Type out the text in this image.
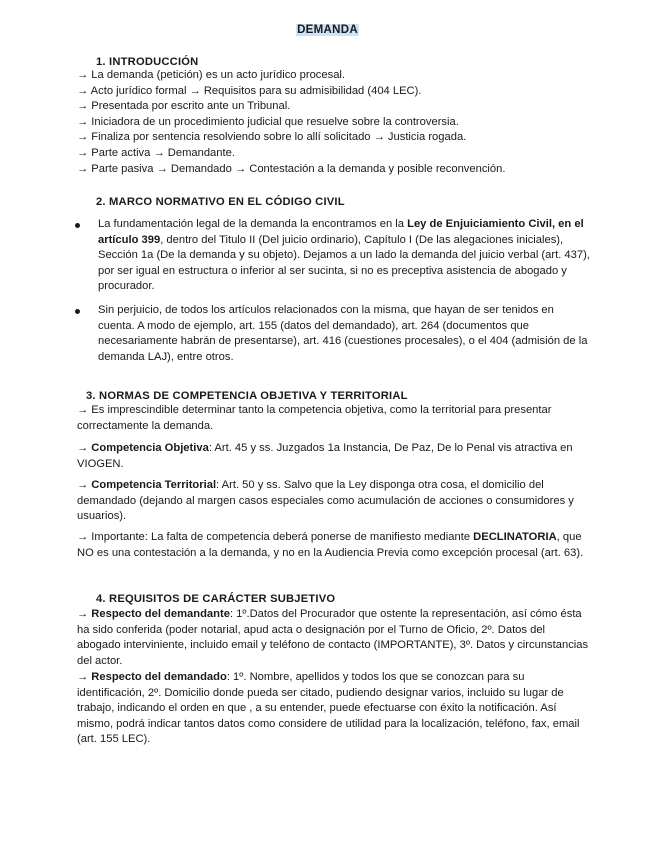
DEMANDA
1. INTRODUCCIÓN
→ La demanda (petición) es un acto jurídico procesal.
→ Acto jurídico formal → Requisitos para su admisibilidad (404 LEC).
→ Presentada por escrito ante un Tribunal.
→ Iniciadora de un procedimiento judicial que resuelve sobre la controversia.
→ Finaliza por sentencia resolviendo sobre lo allí solicitado → Justicia rogada.
→ Parte activa → Demandante.
→ Parte pasiva → Demandado → Contestación a la demanda y posible reconvención.
2. MARCO NORMATIVO EN EL CÓDIGO CIVIL
La fundamentación legal de la demanda la encontramos en la Ley de Enjuiciamiento Civil, en el artículo 399, dentro del Titulo II (Del juicio ordinario), Capítulo I (De las alegaciones iniciales), Sección 1a (De la demanda y su objeto). Dejamos a un lado la demanda del juicio verbal (art. 437), por ser igual en estructura o inferior al ser sucinta, si no es preceptiva asistencia de abogado y procurador.
Sin perjuicio, de todos los artículos relacionados con la misma, que hayan de ser tenidos en cuenta. A modo de ejemplo, art. 155 (datos del demandado), art. 264 (documentos que necesariamente habrán de presentarse), art. 416 (cuestiones procesales), o el 404 (admisión de la demanda LAJ), entre otros.
3. NORMAS DE COMPETENCIA OBJETIVA Y TERRITORIAL
→ Es imprescindible determinar tanto la competencia objetiva, como la territorial para presentar correctamente la demanda.
→ Competencia Objetiva: Art. 45 y ss. Juzgados 1a Instancia, De Paz, De lo Penal vis atractiva en VIOGEN.
→ Competencia Territorial: Art. 50 y ss. Salvo que la Ley disponga otra cosa, el domicilio del demandado (dejando al margen casos especiales como acumulación de acciones o consumidores y usuarios).
→ Importante: La falta de competencia deberá ponerse de manifiesto mediante DECLINATORIA, que NO es una contestación a la demanda, y no en la Audiencia Previa como excepción procesal (art. 63).
4. REQUISITOS DE CARÁCTER SUBJETIVO
→ Respecto del demandante: 1º.Datos del Procurador que ostente la representación, así cómo ésta ha sido conferida (poder notarial, apud acta o designación por el Turno de Oficio, 2º. Datos del abogado interviniente, incluido email y teléfono de contacto (IMPORTANTE), 3º. Datos y circunstancias del actor.
→ Respecto del demandado: 1º. Nombre, apellidos y todos los que se conozcan para su identificación, 2º. Domicilio donde pueda ser citado, pudiendo designar varios, incluido su lugar de trabajo, indicando el orden en que , a su entender, puede efectuarse con éxito la notificación. Así mismo, podrá indicar tantos datos como considere de utilidad para la localización, teléfono, fax, email (art. 155 LEC).
